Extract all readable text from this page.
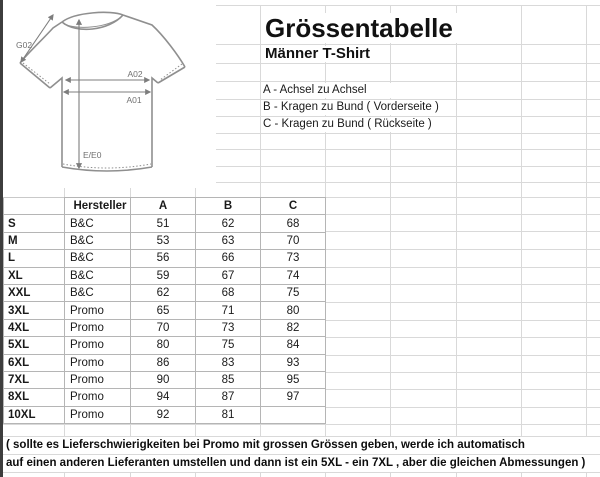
G02
A02
A01
E/E0
Grössentabelle
Männer T-Shirt
A - Achsel zu Achsel
B - Kragen zu Bund ( Vorderseite )
C - Kragen zu Bund ( Rückseite )
	Hersteller	A	B	C
S	B&C	51	62	68
M	B&C	53	63	70
L	B&C	56	66	73
XL	B&C	59	67	74
XXL	B&C	62	68	75
3XL	Promo	65	71	80
4XL	Promo	70	73	82
5XL	Promo	80	75	84
6XL	Promo	86	83	93
7XL	Promo	90	85	95
8XL	Promo	94	87	97
10XL	Promo	92	81	
( sollte es Lieferschwierigkeiten bei Promo mit grossen Grössen geben, werde ich automatisch
auf einen anderen Lieferanten umstellen und dann ist ein 5XL - ein 7XL , aber die gleichen Abmessungen )
